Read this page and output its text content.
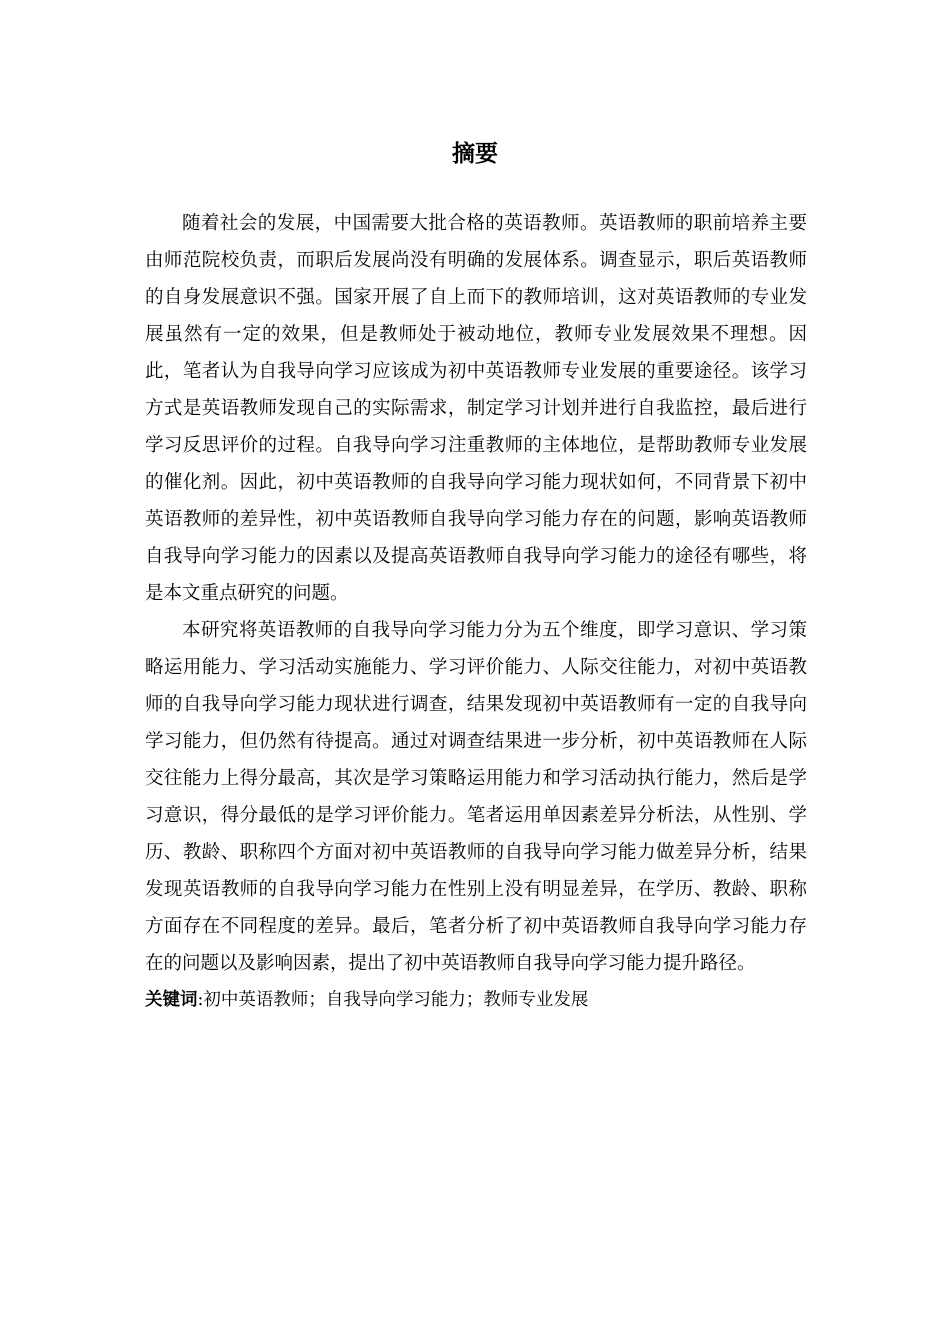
摘要

随着社会的发展，中国需要大批合格的英语教师。英语教师的职前培养主要由师范院校负责，而职后发展尚没有明确的发展体系。调查显示，职后英语教师的自身发展意识不强。国家开展了自上而下的教师培训，这对英语教师的专业发展虽然有一定的效果，但是教师处于被动地位，教师专业发展效果不理想。因此，笔者认为自我导向学习应该成为初中英语教师专业发展的重要途径。该学习方式是英语教师发现自己的实际需求，制定学习计划并进行自我监控，最后进行学习反思评价的过程。自我导向学习注重教师的主体地位，是帮助教师专业发展的催化剂。因此，初中英语教师的自我导向学习能力现状如何，不同背景下初中英语教师的差异性，初中英语教师自我导向学习能力存在的问题，影响英语教师自我导向学习能力的因素以及提高英语教师自我导向学习能力的途径有哪些，将是本文重点研究的问题。

本研究将英语教师的自我导向学习能力分为五个维度，即学习意识、学习策略运用能力、学习活动实施能力、学习评价能力、人际交往能力，对初中英语教师的自我导向学习能力现状进行调查，结果发现初中英语教师有一定的自我导向学习能力，但仍然有待提高。通过对调查结果进一步分析，初中英语教师在人际交往能力上得分最高，其次是学习策略运用能力和学习活动执行能力，然后是学习意识，得分最低的是学习评价能力。笔者运用单因素差异分析法，从性别、学历、教龄、职称四个方面对初中英语教师的自我导向学习能力做差异分析，结果发现英语教师的自我导向学习能力在性别上没有明显差异，在学历、教龄、职称方面存在不同程度的差异。最后，笔者分析了初中英语教师自我导向学习能力存在的问题以及影响因素，提出了初中英语教师自我导向学习能力提升路径。

关键词:初中英语教师；自我导向学习能力；教师专业发展
